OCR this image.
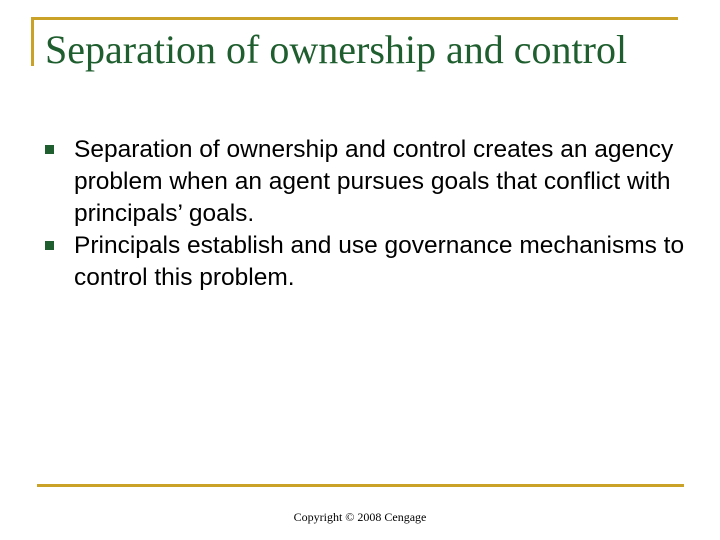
Separation of ownership and control
Separation of ownership and control creates an agency problem when an agent pursues goals that conflict with principals’ goals.
Principals establish and use governance mechanisms to control this problem.
Copyright © 2008 Cengage
